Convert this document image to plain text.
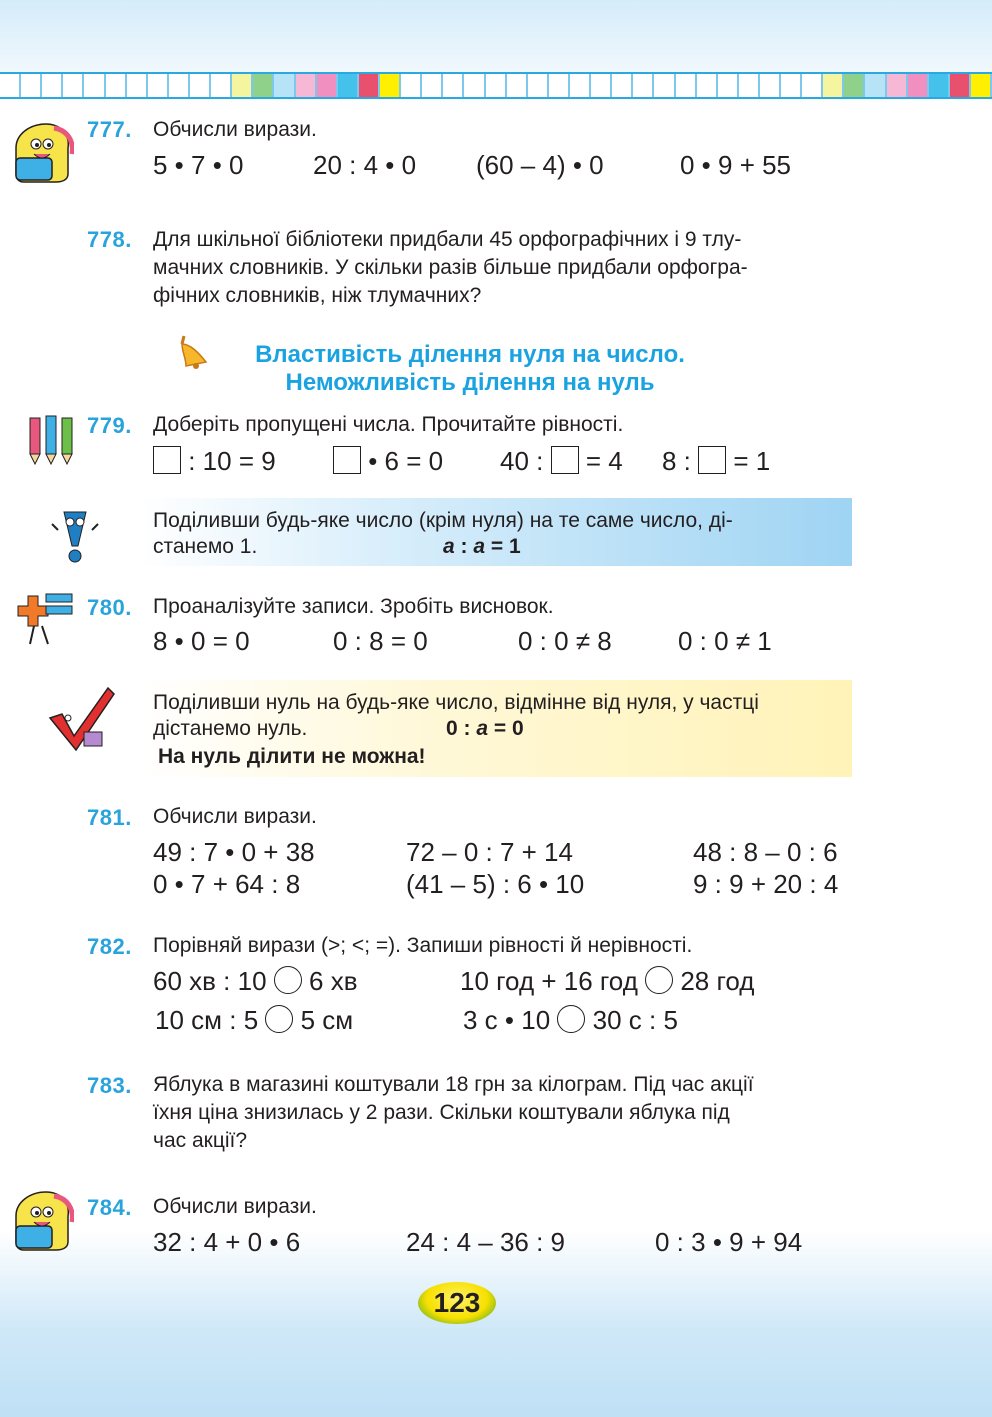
777. Обчисли вирази.
5 • 7 • 0	20 : 4 • 0 (60 – 4) • 0	0 • 9 + 55
778. Для шкільної бібліотеки придбали 45 орфографічних і 9 тлу-
мачних словників. У скільки разів більше придбали орфогра-
фічних словників, ніж тлумачних?
Властивість ділення нуля на число.
Неможливість ділення на нуль
779. Доберіть пропущені числа. Прочитайте рівності.
: 10 = 9	• 6 = 0 40 : = 4 8 : = 1
Поділивши будь-яке число (крім нуля) на те саме число, ді-
станемо 1.	a : a = 1
780. Проаналізуйте записи. Зробіть висновок.
8 • 0 = 0	0 : 8 = 0	0 : 0 ≠ 8	0 : 0 ≠ 1
Поділивши нуль на будь-яке число, відмінне від нуля, у частці
дістанемо нуль.	0 : a = 0
На нуль ділити не можна!
781. Обчисли вирази.
49 : 7 • 0 + 38	72 – 0 : 7 + 14	48 : 8 – 0 : 6
0 • 7 + 64 : 8	(41 – 5) : 6 • 10	9 : 9 + 20 : 4
782. Порівняй вирази (>; <; =). Запиши рівності й нерівності.
60 хв : 10 6 хв	10 год + 16 год 28 год
10 см : 5 5 см	3 с • 10 30 с : 5
783. Яблука в магазині коштували 18 грн за кілограм. Під час акції
їхня ціна знизилась у 2 рази. Скільки коштували яблука під
час акції?
784. Обчисли вирази.
32 : 4 + 0 • 6	24 : 4 – 36 : 9	0 : 3 • 9 + 94
123
